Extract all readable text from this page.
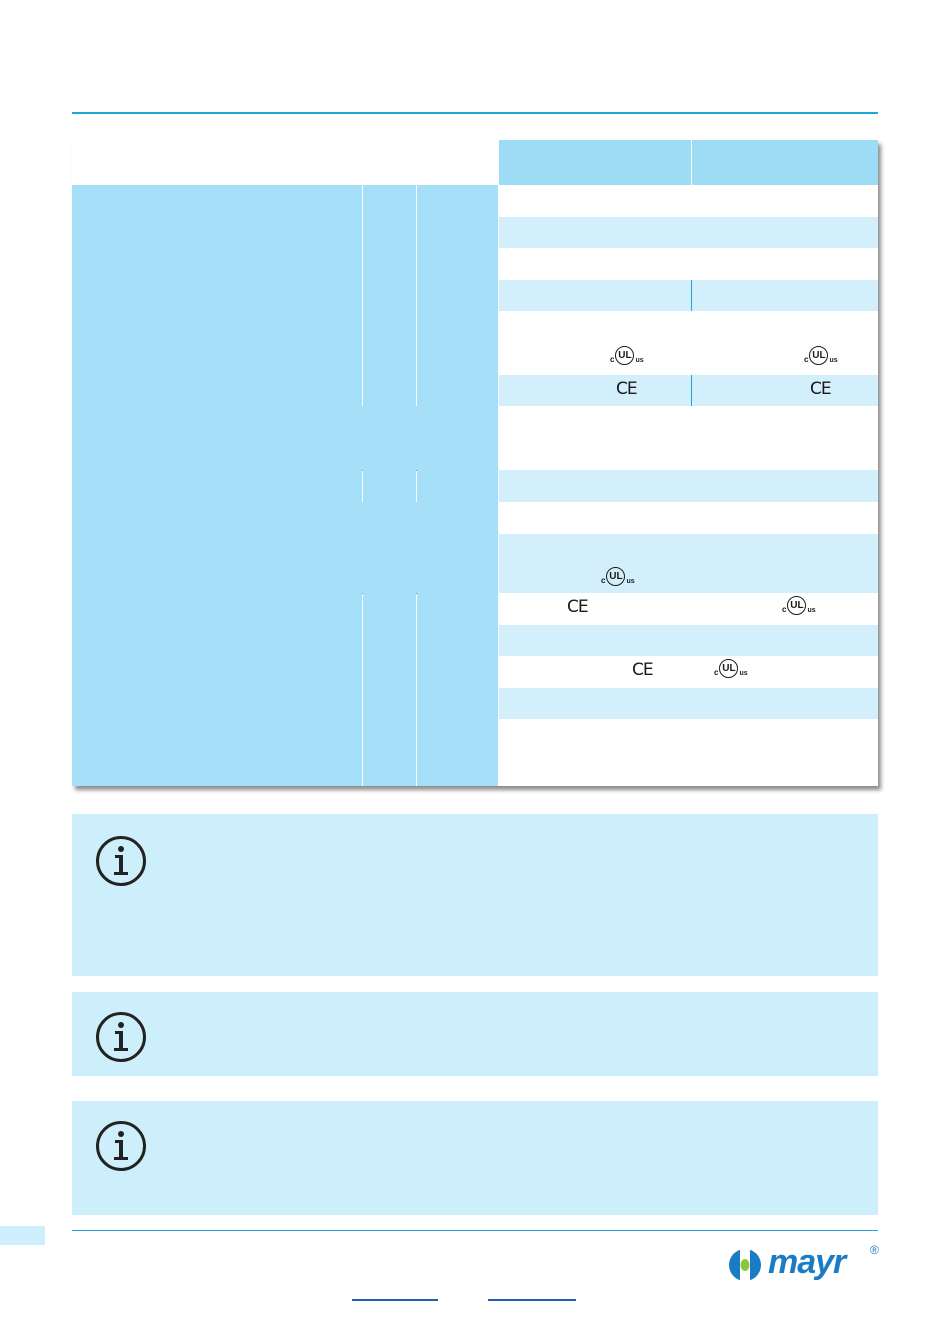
c UL us	c UL us
CE	CE
c UL us
CE	c UL us
CE	c UL us
mayr ®
